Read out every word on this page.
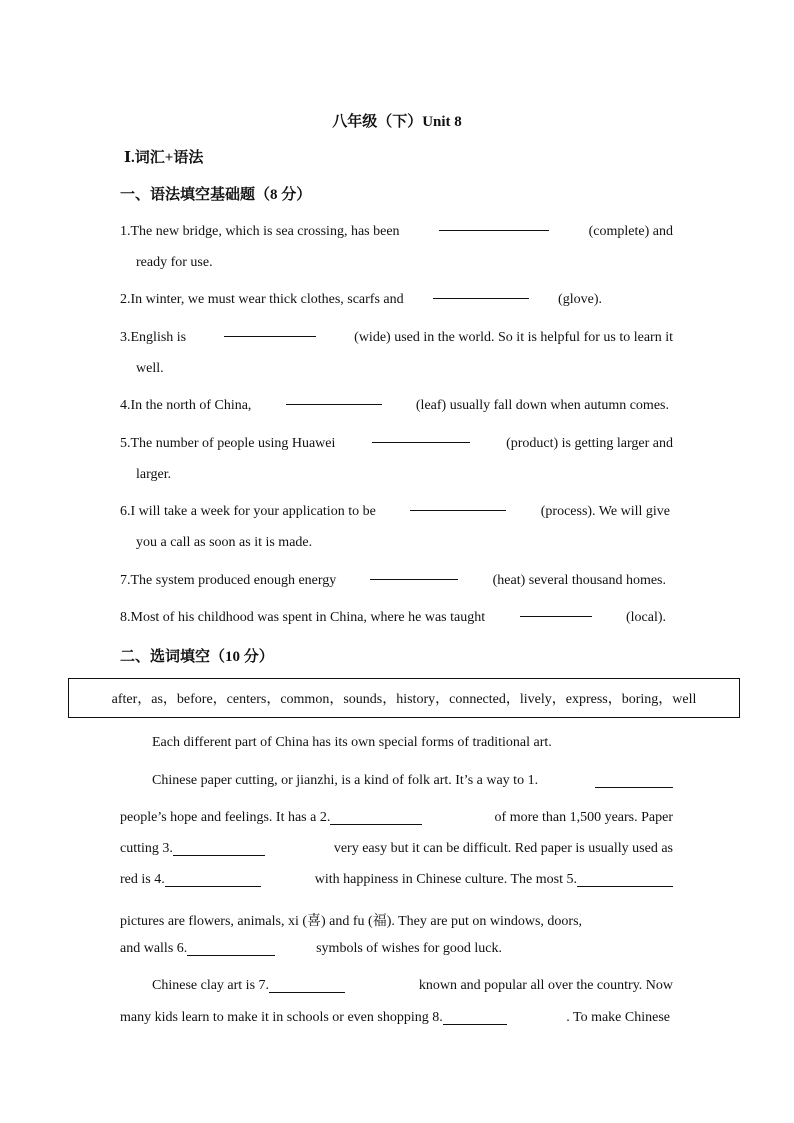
八年级（下）Unit 8
Ⅰ.词汇+语法
一、语法填空基础题（8 分）
1.The new bridge, which is sea crossing, has been	(complete) and
ready for use.
2.In winter, we must wear thick clothes, scarfs and	(glove).
3.English is	(wide) used in the world. So it is helpful for us to learn it
well.
4.In the north of China,	(leaf) usually fall down when autumn comes.
5.The number of people using Huawei	(product) is getting larger and
larger.
6.I will take a week for your application to be	(process). We will give
you a call as soon as it is made.
7.The system produced enough energy	(heat) several thousand homes.
8.Most of his childhood was spent in China, where he was taught	(local).
二、选词填空（10 分）
after，as，before，centers，common，sounds，history，connected，lively，express，boring，well
Each different part of China has its own special forms of traditional art.
Chinese paper cutting, or jianzhi, is a kind of folk art. It’s a way to 1.
people’s hope and feelings. It has a 2.	of more than 1,500 years. Paper
cutting 3.	very easy but it can be difficult. Red paper is usually used as
red is 4.	with happiness in Chinese culture. The most 5.
pictures are flowers, animals, xi (喜) and fu (福). They are put on windows, doors,
and walls 6.	symbols of wishes for good luck.
Chinese clay art is 7.	known and popular all over the country. Now
many kids learn to make it in schools or even shopping 8.	. To make Chinese
